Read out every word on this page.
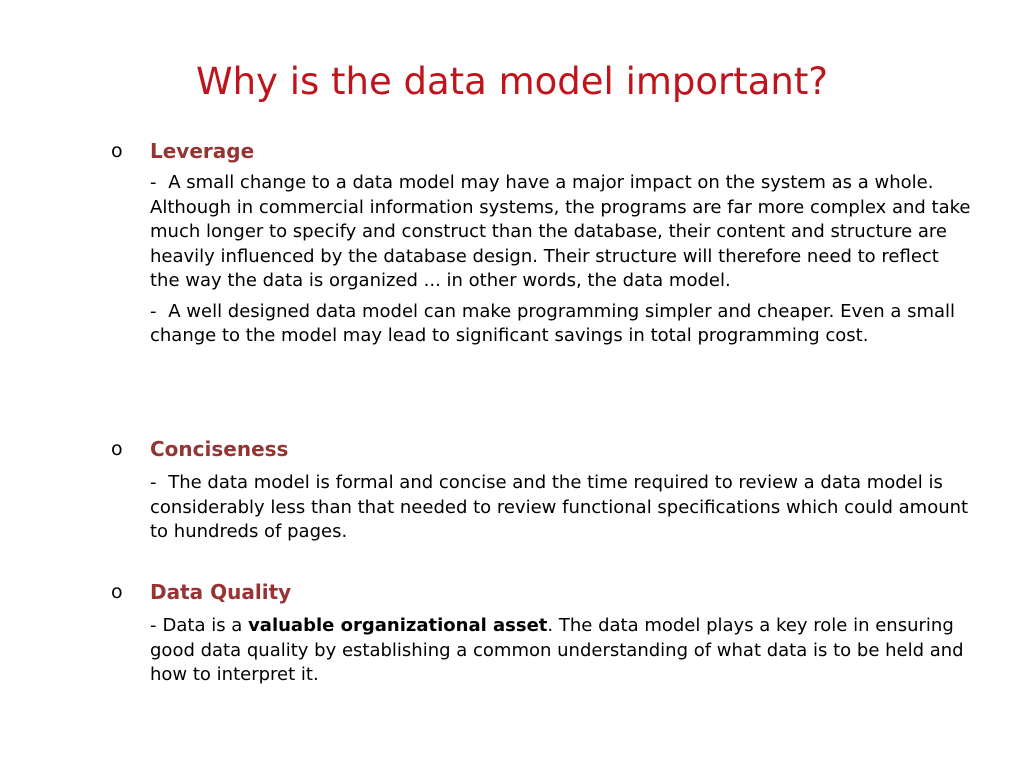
Why is the data model important?
o Leverage
- A small change to a data model may have a major impact on the system as a whole. Although in commercial information systems, the programs are far more complex and take much longer to specify and construct than the database, their content and structure are heavily influenced by the database design. Their structure will therefore need to reflect the way the data is organized ... in other words, the data model.
- A well designed data model can make programming simpler and cheaper. Even a small change to the model may lead to significant savings in total programming cost.
o Conciseness
- The data model is formal and concise and the time required to review a data model is considerably less than that needed to review functional specifications which could amount to hundreds of pages.
o Data Quality
- Data is a valuable organizational asset. The data model plays a key role in ensuring good data quality by establishing a common understanding of what data is to be held and how to interpret it.
